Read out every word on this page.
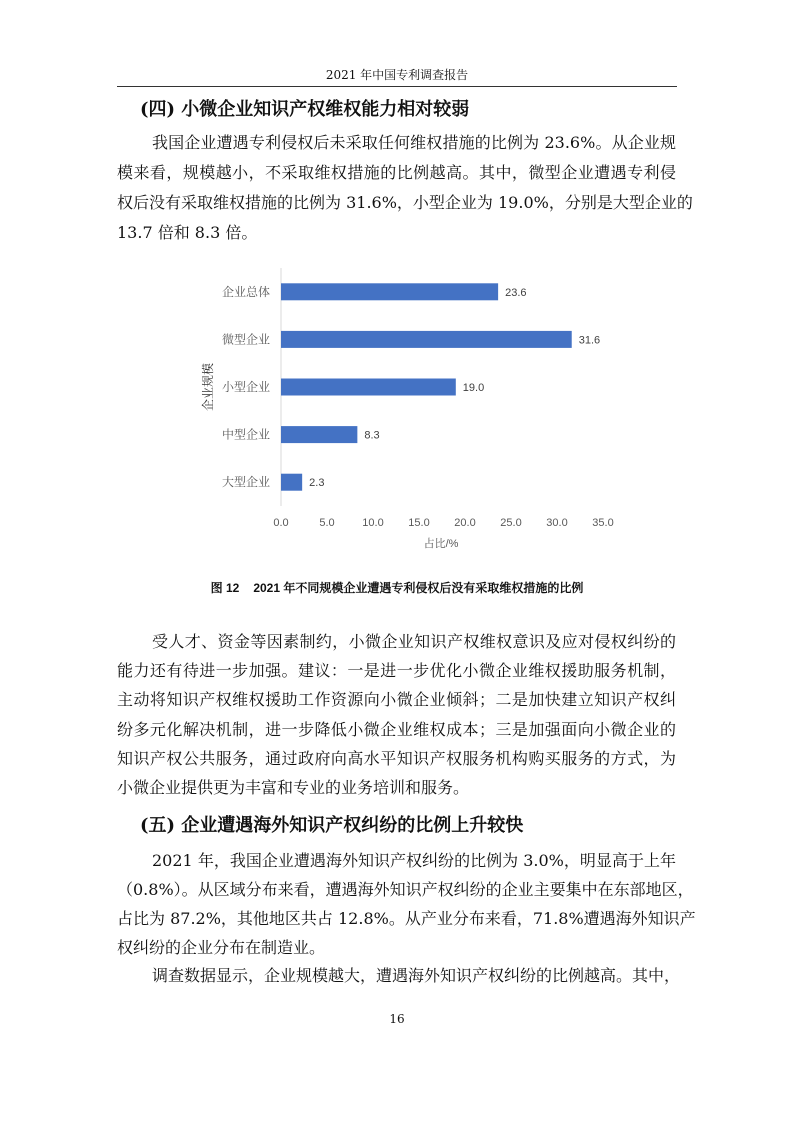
2021 年中国专利调查报告
(四) 小微企业知识产权维权能力相对较弱
我国企业遭遇专利侵权后未采取任何维权措施的比例为 23.6%。从企业规
模来看，规模越小，不采取维权措施的比例越高。其中，微型企业遭遇专利侵
权后没有采取维权措施的比例为 31.6%，小型企业为 19.0%，分别是大型企业的
13.7 倍和 8.3 倍。
企业总体	23.6
微型企业	31.6
小型企业	19.0
中型企业	8.3
大型企业	2.3
0.0	5.0	10.0 15.0 20.0 25.0 30.0 35.0
占比/%
企业规模
图 12 2021 年不同规模企业遭遇专利侵权后没有采取维权措施的比例
受人才、资金等因素制约，小微企业知识产权维权意识及应对侵权纠纷的
能力还有待进一步加强。建议：一是进一步优化小微企业维权援助服务机制，
主动将知识产权维权援助工作资源向小微企业倾斜；二是加快建立知识产权纠
纷多元化解决机制，进一步降低小微企业维权成本；三是加强面向小微企业的
知识产权公共服务，通过政府向高水平知识产权服务机构购买服务的方式，为
小微企业提供更为丰富和专业的业务培训和服务。
(五) 企业遭遇海外知识产权纠纷的比例上升较快
2021 年，我国企业遭遇海外知识产权纠纷的比例为 3.0%，明显高于上年
（0.8%）。从区域分布来看，遭遇海外知识产权纠纷的企业主要集中在东部地区，
占比为 87.2%，其他地区共占 12.8%。从产业分布来看，71.8%遭遇海外知识产
权纠纷的企业分布在制造业。
调查数据显示，企业规模越大，遭遇海外知识产权纠纷的比例越高。其中，
16
